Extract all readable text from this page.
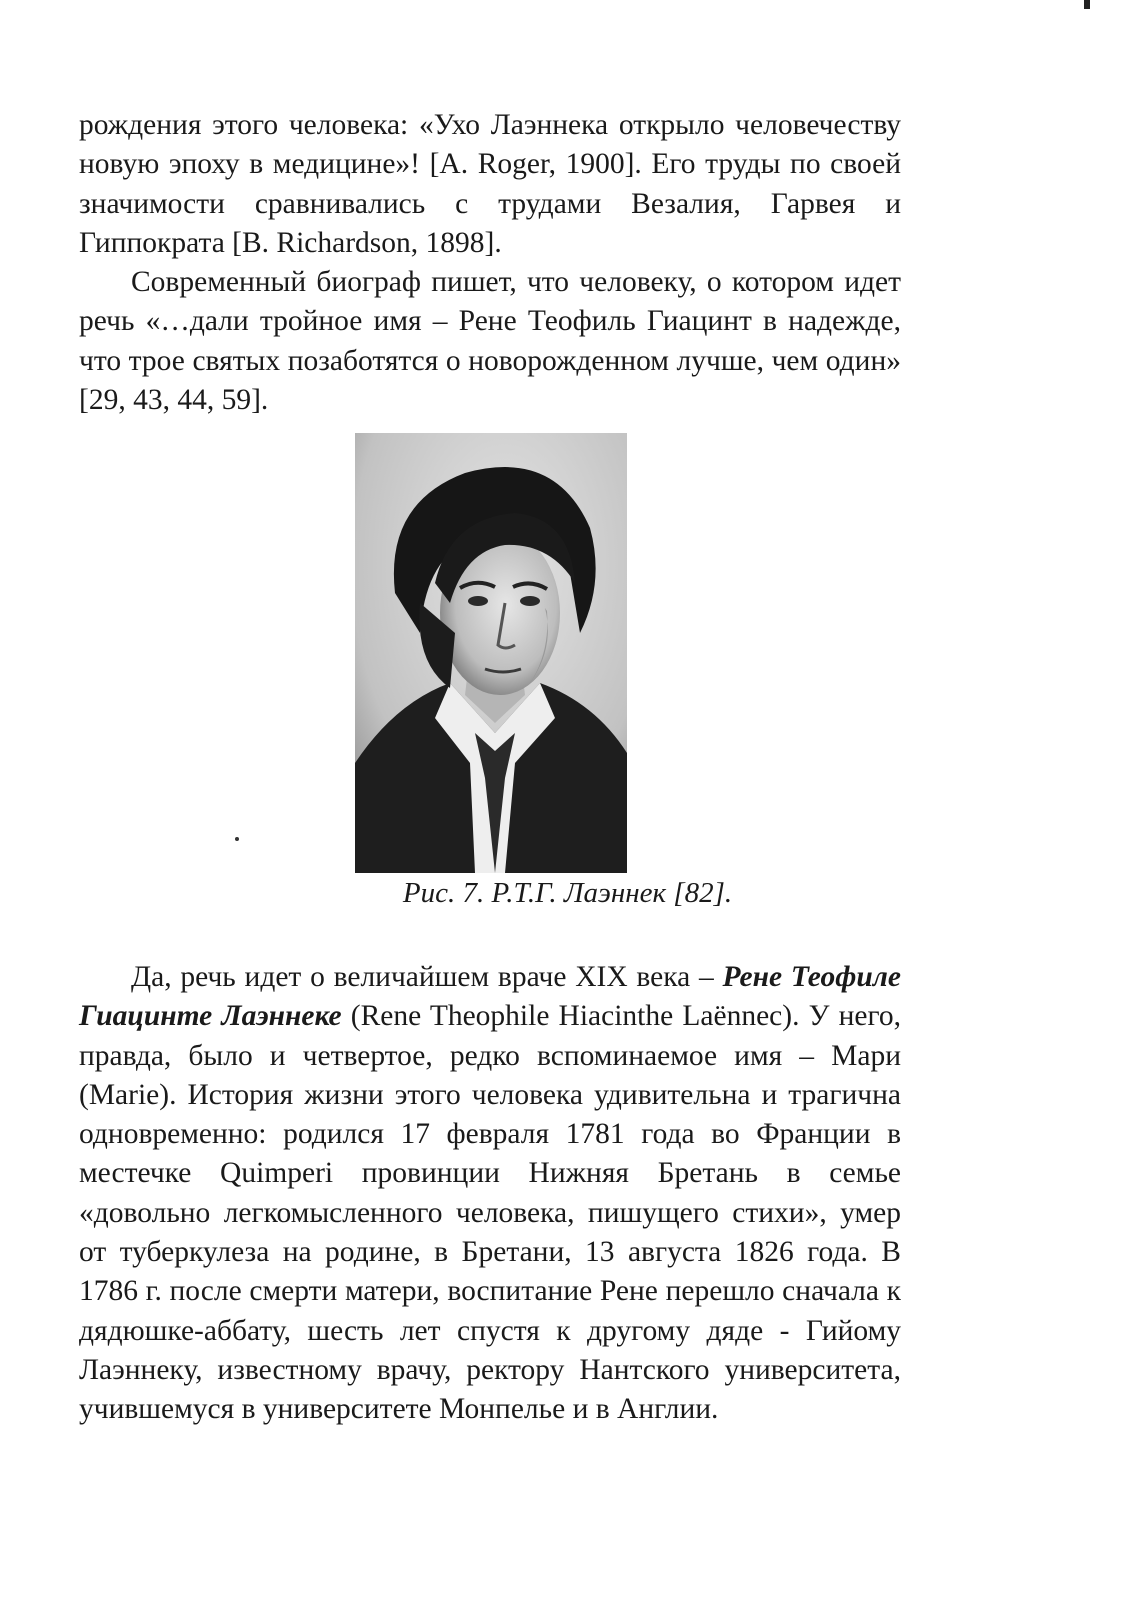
рождения этого человека: «Ухо Лаэннека открыло человечеству новую эпоху в медицине»! [A. Roger, 1900]. Его труды по своей значимости сравнивались с трудами Везалия, Гарвея и Гиппократа [B. Richardson, 1898].

Современный биограф пишет, что человеку, о котором идет речь «…дали тройное имя – Рене Теофиль Гиацинт в надежде, что трое святых позаботятся о новорожденном лучше, чем один» [29, 43, 44, 59].

Рис. 7. Р.Т.Г. Лаэннек [82].

Да, речь идет о величайшем враче XIX века – Рене Теофиле Гиацинте Лаэннеке (Rene Theophile Hiacinthe Laënnec). У него, правда, было и четвертое, редко вспоминаемое имя – Мари (Marie). История жизни этого человека удивительна и трагична одновременно: родился 17 февраля 1781 года во Франции в местечке Quimperi провинции Нижняя Бретань в семье «довольно легкомысленного человека, пишущего стихи», умер от туберкулеза на родине, в Бретани, 13 августа 1826 года. В 1786 г. после смерти матери, воспитание Рене перешло сначала к дядюшке-аббату, шесть лет спустя к другому дяде - Гийому Лаэннеку, известному врачу, ректору Нантского университета, учившемуся в университете Монпелье и в Англии.
